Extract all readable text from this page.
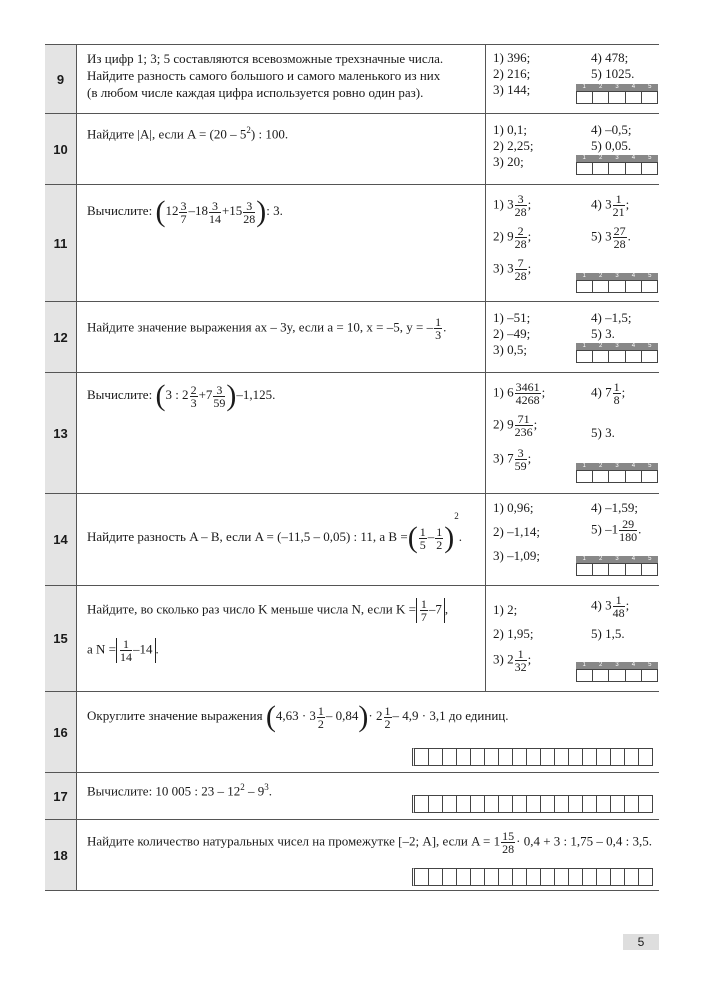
9
Из цифр 1; 3; 5 составляются всевозможные трехзначные числа.
Найдите разность самого большого и самого маленького из них
(в любом числе каждая цифра используется ровно один раз).
1) 396;	4) 478;
2) 216;	5) 1025.
3) 144;	1	2	3	4	5
10
Найдите |A|, если $A = (20 - 5^2)$ : 100.	1) 0,1;	4) –0,5;
2) 2,25;	5) 0,05.
3) 20;	1	2	3	4	5
11
Вычислите: ($12 \frac{3}{7} -18 \frac{3}{14} +15 \frac{3}{28}$ ): 3.	1) $3 \frac{3}{28}$ ;	4) $3 \frac{1}{21}$ ;
2) $9 \frac{2}{28}$ ;	5) $3 \frac{27}{28}$ .
3) $3 \frac{7}{28}$ ;
1	2	3	4	5
12
Найдите значение выражения ax – 3y, если a = 10, x = –5, y = – $\frac{1}{3}$ .
1) –51;	4) –1,5;
2) –49;	5) 3.
3) 0,5;	1	2	3	4	5
13
Вычислите: (3 : $2 \frac{2}{3} +7 \frac{3}{59} )-1,125$.	1) $6 \frac{3461}{4268}$ ;	4) $7 \frac{1}{8}$ ;
2) $9 \frac{71}{236}$ ;
5) 3.
3) $7 \frac{3}{59}$ ;
1	2	3	4	5
14	Найдите разность A – B, если A = (–11,5 – 0,05) : 11, а B =( $\frac{1}{5} - \frac{1}{2} )^2$.
1) 0,96;	4) –1,59;
2) –1,14;	5) $-1 \frac{29}{180}$ .
3) –1,09;	1	2	3	4	5
15
Найдите, во сколько раз число K меньше числа N, если $K = \frac{1}{7} -7$ ,
а $N = \frac{1}{14} -14$ .
1) 2;	4) $3 \frac{1}{48}$ ;
2) 1,95;	5) 1,5.
3) $2 \frac{1}{32}$ ;	1	2	3	4	5
16
Округлите значение выражения $(4,63 \cdot 3 \frac{1}{2} - 0,84)\cdot 2 \frac{1}{2} - 4,9 \cdot 3,1$ до единиц.
17	Вычислите: 10 005 : $23 - 12^2 - 9^3$.
18
Найдите количество натуральных чисел на промежутке [–2; A], если $A = 1 \frac{15}{28} \cdot 0,4 + 3$ : 1,75 – 0,4 : 3,5.
5
